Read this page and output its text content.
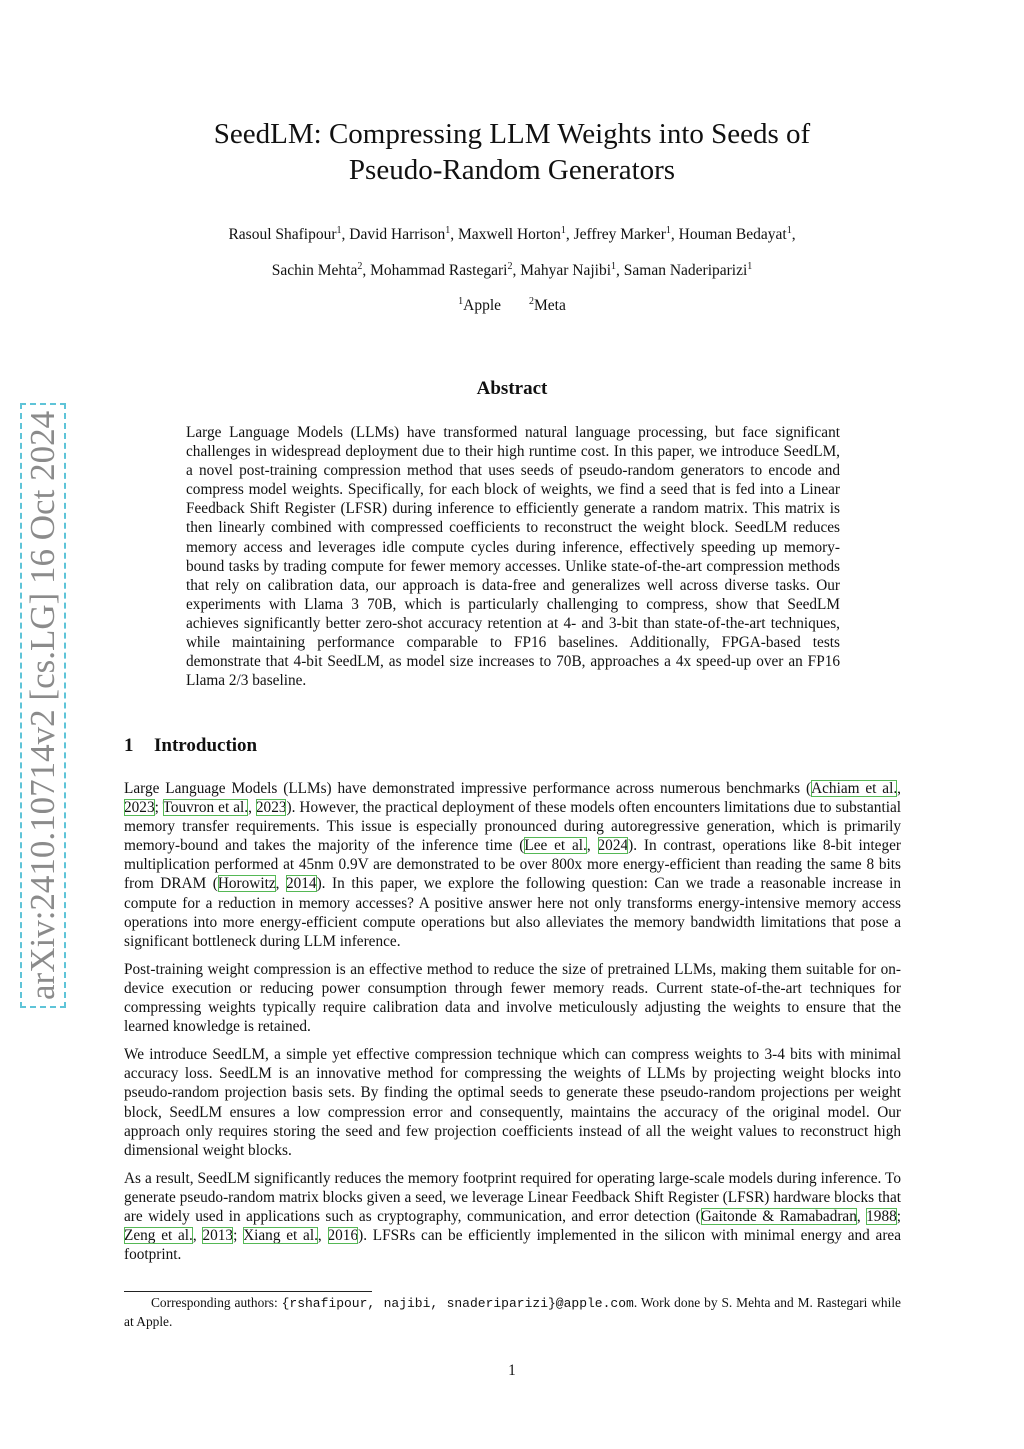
arXiv:2410.10714v2 [cs.LG] 16 Oct 2024
SeedLM: Compressing LLM Weights into Seeds of
Pseudo-Random Generators
Rasoul Shafipour$^1$, David Harrison$^1$, Maxwell Horton$^1$, Jeffrey Marker$^1$, Houman Bedayat$^1$,
Sachin Mehta$^2$, Mohammad Rastegari$^2$, Mahyar Najibi$^1$, Saman Naderiparizi$^1$
$^1$Apple	$^2$Meta
Abstract
Large Language Models (LLMs) have transformed natural language processing, but face significant challenges in widespread deployment due to their high runtime cost. In this paper, we introduce SeedLM, a novel post-training compression method that uses seeds of pseudo-random generators to encode and compress model weights. Specifically, for each block of weights, we find a seed that is fed into a Linear Feedback Shift Register (LFSR) during inference to efficiently generate a random matrix. This matrix is then linearly combined with compressed coefficients to reconstruct the weight block. SeedLM reduces memory access and leverages idle compute cycles during inference, effectively speeding up memory-bound tasks by trading compute for fewer memory accesses. Unlike state-of-the-art compression methods that rely on calibration data, our approach is data-free and generalizes well across diverse tasks. Our experiments with Llama 3 70B, which is particularly challenging to compress, show that SeedLM achieves significantly better zero-shot accuracy retention at 4- and 3-bit than state-of-the-art techniques, while maintaining performance comparable to FP16 baselines. Additionally, FPGA-based tests demonstrate that 4-bit SeedLM, as model size increases to 70B, approaches a 4x speed-up over an FP16 Llama 2/3 baseline.
1 Introduction

Large Language Models (LLMs) have demonstrated impressive performance across numerous benchmarks (Achiam et al., 2023; Touvron et al., 2023). However, the practical deployment of these models often encounters limitations due to substantial memory transfer requirements. This issue is especially pronounced during autoregressive generation, which is primarily memory-bound and takes the majority of the inference time (Lee et al., 2024). In contrast, operations like 8-bit integer multiplication performed at 45nm 0.9V are demonstrated to be over 800x more energy-efficient than reading the same 8 bits from DRAM (Horowitz, 2014). In this paper, we explore the following question: Can we trade a reasonable increase in compute for a reduction in memory accesses? A positive answer here not only transforms energy-intensive memory access operations into more energy-efficient compute operations but also alleviates the memory bandwidth limitations that pose a significant bottleneck during LLM inference.

Post-training weight compression is an effective method to reduce the size of pretrained LLMs, making them suitable for on-device execution or reducing power consumption through fewer memory reads. Current state-of-the-art techniques for compressing weights typically require calibration data and involve meticulously adjusting the weights to ensure that the learned knowledge is retained.

We introduce SeedLM, a simple yet effective compression technique which can compress weights to 3-4 bits with minimal accuracy loss. SeedLM is an innovative method for compressing the weights of LLMs by projecting weight blocks into pseudo-random projection basis sets. By finding the optimal seeds to generate these pseudo-random projections per weight block, SeedLM ensures a low compression error and consequently, maintains the accuracy of the original model. Our approach only requires storing the seed and few projection coefficients instead of all the weight values to reconstruct high dimensional weight blocks.

As a result, SeedLM significantly reduces the memory footprint required for operating large-scale models during inference. To generate pseudo-random matrix blocks given a seed, we leverage Linear Feedback Shift Register (LFSR) hardware blocks that are widely used in applications such as cryptography, communication, and error detection (Gaitonde & Ramabadran, 1988; Zeng et al., 2013; Xiang et al., 2016). LFSRs can be efficiently implemented in the silicon with minimal energy and area footprint.

Corresponding authors: {rshafipour, najibi, snaderiparizi}@apple.com. Work done by S. Mehta and M. Rastegari while at Apple.
1
